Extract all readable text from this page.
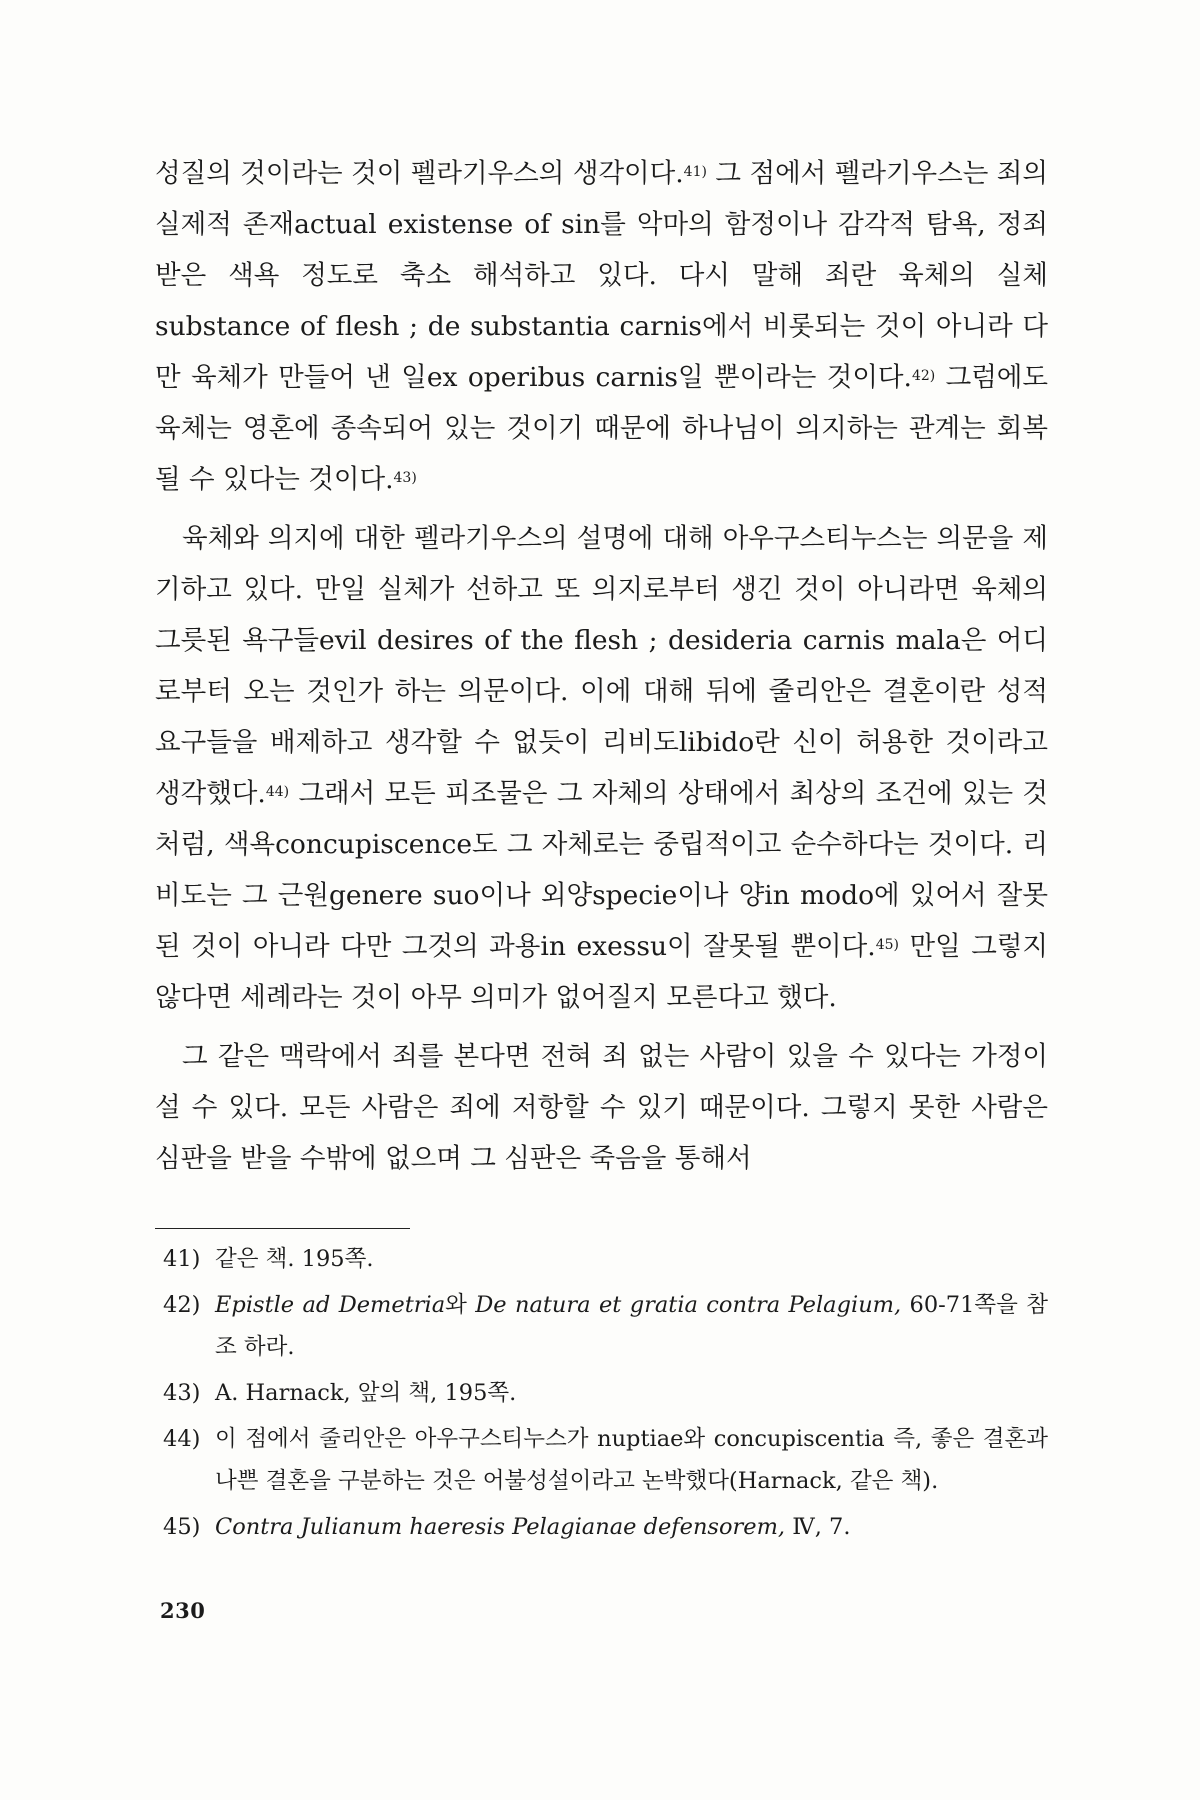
성질의 것이라는 것이 펠라기우스의 생각이다.$^{41)}$ 그 점에서 펠라기우스는 죄의 실제적 존재actual existense of sin를 악마의 함정이나 감각적 탐욕, 정죄 받은 색욕 정도로 축소 해석하고 있다. 다시 말해 죄란 육체의 실체substance of flesh ; de substantia carnis에서 비롯되는 것이 아니라 다만 육체가 만들어 낸 일ex operibus carnis일 뿐이라는 것이다.$^{42)}$ 그럼에도 육체는 영혼에 종속되어 있는 것이기 때문에 하나님이 의지하는 관계는 회복될 수 있다는 것이다.$^{43)}$

육체와 의지에 대한 펠라기우스의 설명에 대해 아우구스티누스는 의문을 제기하고 있다. 만일 실체가 선하고 또 의지로부터 생긴 것이 아니라면 육체의 그릇된 욕구들evil desires of the flesh ; desideria carnis mala은 어디로부터 오는 것인가 하는 의문이다. 이에 대해 뒤에 줄리안은 결혼이란 성적 요구들을 배제하고 생각할 수 없듯이 리비도libido란 신이 허용한 것이라고 생각했다.$^{44)}$ 그래서 모든 피조물은 그 자체의 상태에서 최상의 조건에 있는 것처럼, 색욕concupiscence도 그 자체로는 중립적이고 순수하다는 것이다. 리비도는 그 근원genere suo이나 외양specie이나 양in modo에 있어서 잘못된 것이 아니라 다만 그것의 과용in exessu이 잘못될 뿐이다.$^{45)}$ 만일 그렇지 않다면 세례라는 것이 아무 의미가 없어질지 모른다고 했다.

그 같은 맥락에서 죄를 본다면 전혀 죄 없는 사람이 있을 수 있다는 가정이 설 수 있다. 모든 사람은 죄에 저항할 수 있기 때문이다. 그렇지 못한 사람은 심판을 받을 수밖에 없으며 그 심판은 죽음을 통해서

41) 같은 책. 195쪽.
42) Epistle ad Demetria와 De natura et gratia contra Pelagium, 60-71쪽을 참조 하라.
43) A. Harnack, 앞의 책, 195쪽.
44) 이 점에서 줄리안은 아우구스티누스가 nuptiae와 concupiscentia 즉, 좋은 결혼과 나쁜 결혼을 구분하는 것은 어불성설이라고 논박했다(Harnack, 같은 책).
45) Contra Julianum haeresis Pelagianae defensorem, Ⅳ, 7.
230
